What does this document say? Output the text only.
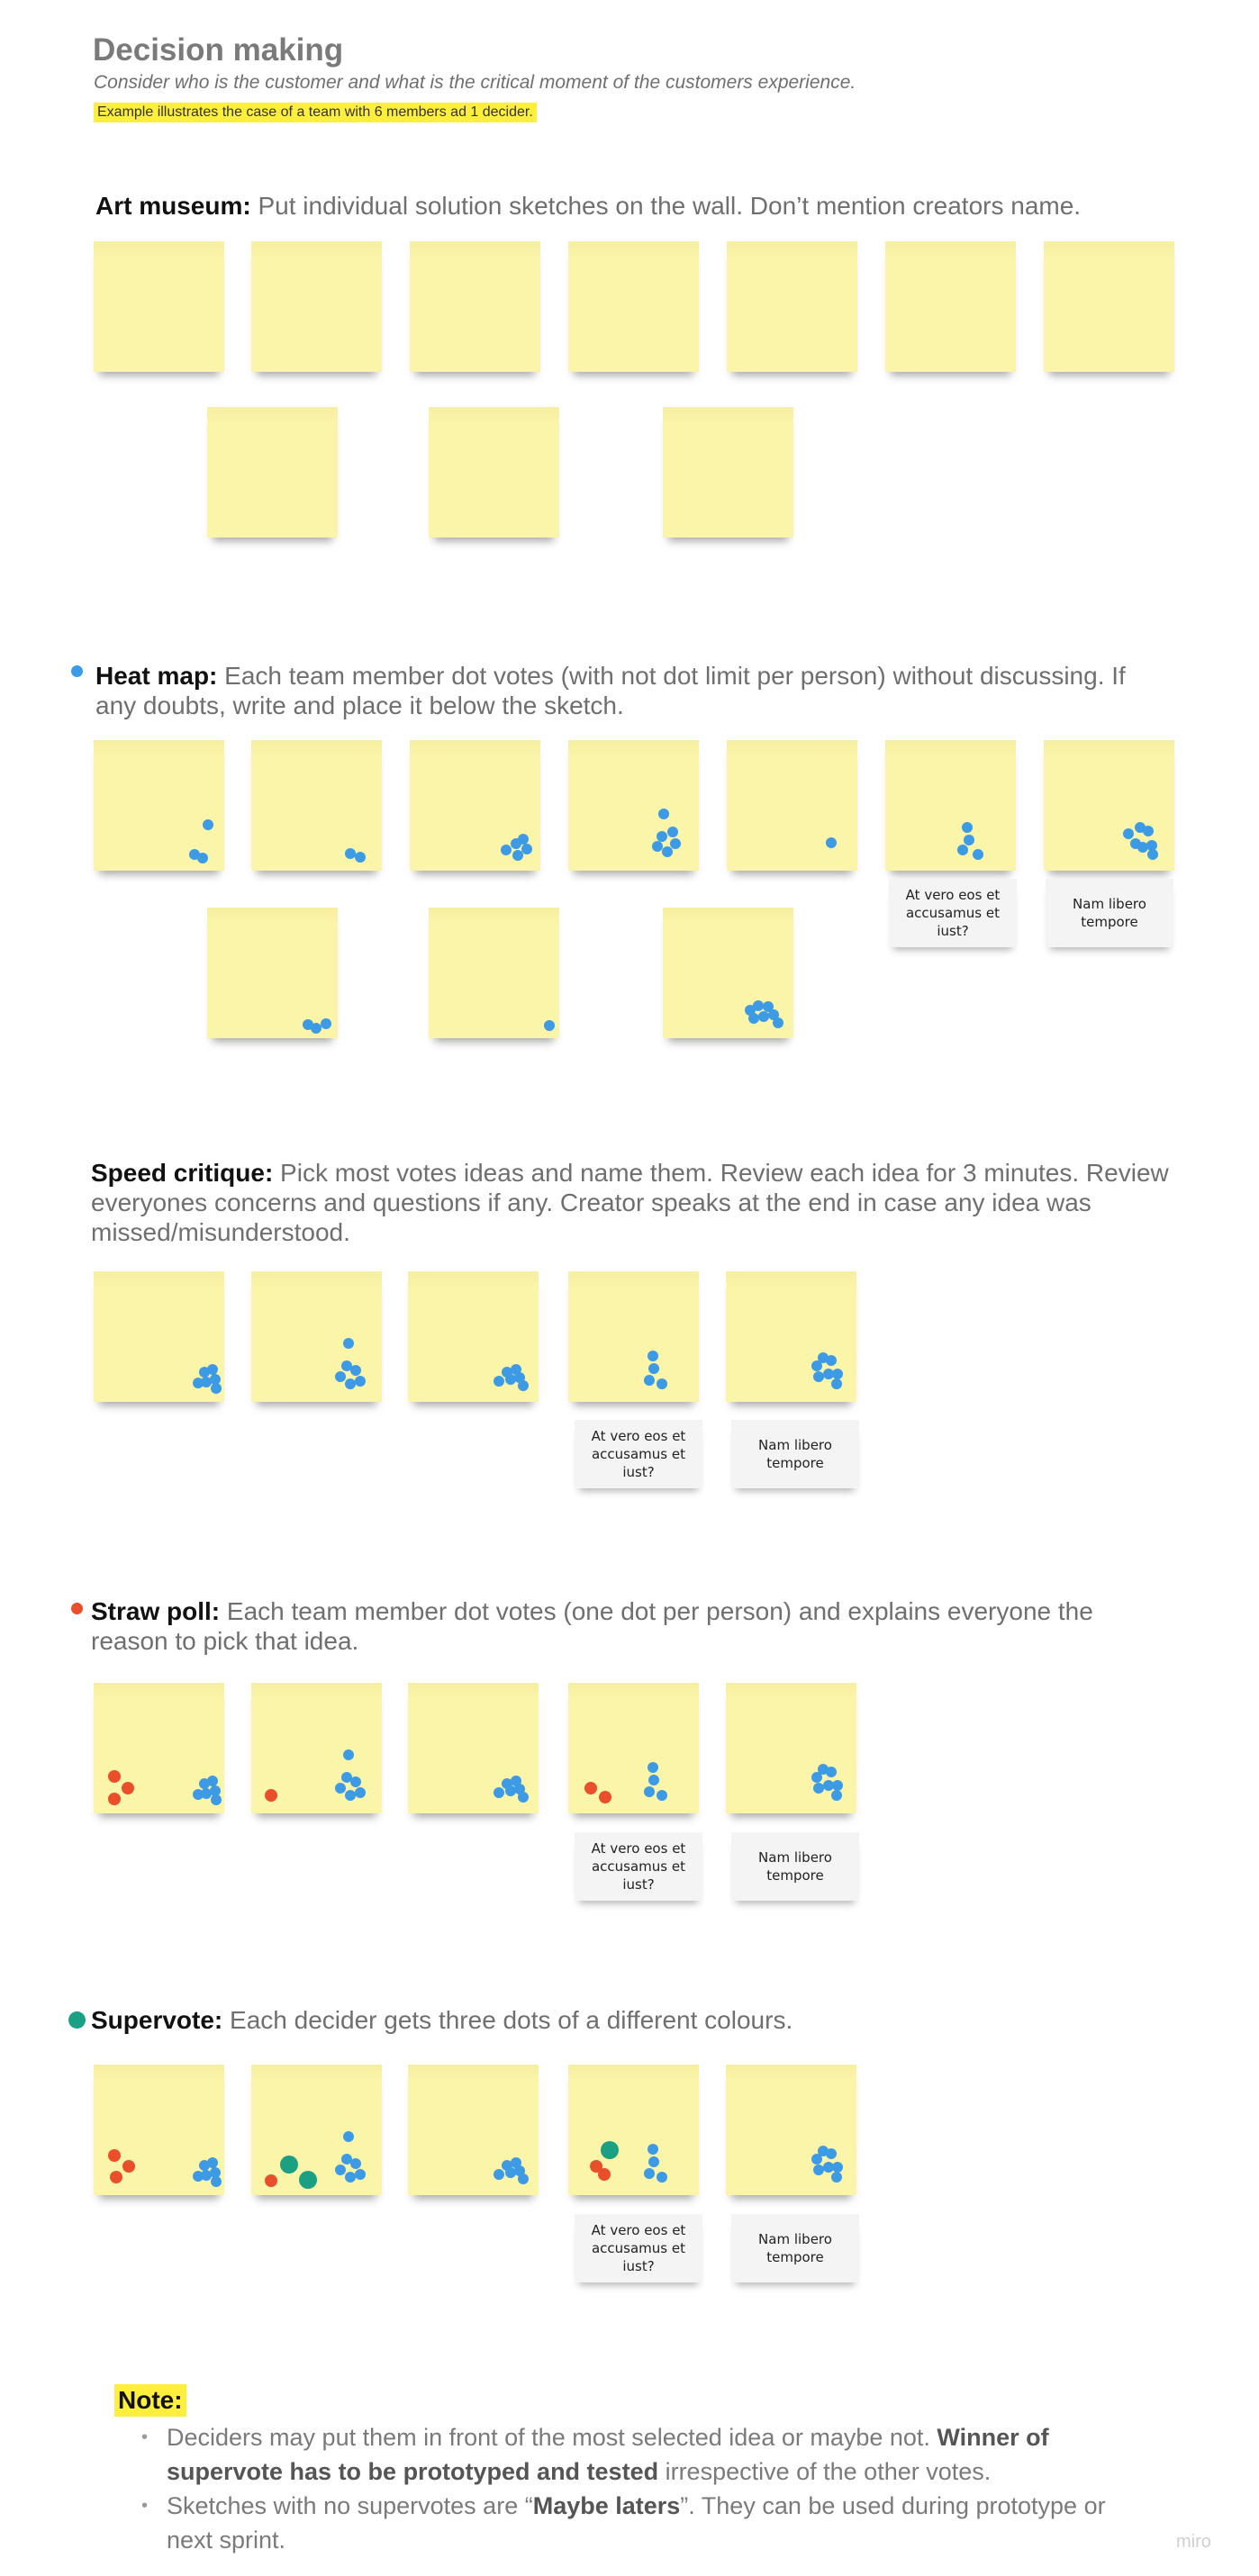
Decision making
Consider who is the customer and what is the critical moment of the customers experience.
Example illustrates the case of a team with 6 members ad 1 decider.
Art museum: Put individual solution sketches on the wall. Don’t mention creators name.
Heat map: Each team member dot votes (with not dot limit per person) without discussing. If any doubts, write and place it below the sketch.
Speed critique: Pick most votes ideas and name them. Review each idea for 3 minutes. Review everyones concerns and questions if any. Creator speaks at the end in case any idea was missed/misunderstood.
Straw poll: Each team member dot votes (one dot per person) and explains everyone the reason to pick that idea.
Supervote: Each decider gets three dots of a different colours.
At vero eos et accusamus et iust?
Nam libero tempore
At vero eos et accusamus et iust?
Nam libero tempore
At vero eos et accusamus et iust?
Nam libero tempore
At vero eos et accusamus et iust?
Nam libero tempore
Note:
• Deciders may put them in front of the most selected idea or maybe not. Winner of supervote has to be prototyped and tested irrespective of the other votes.
• Sketches with no supervotes are “Maybe laters”. They can be used during prototype or next sprint.	miro
